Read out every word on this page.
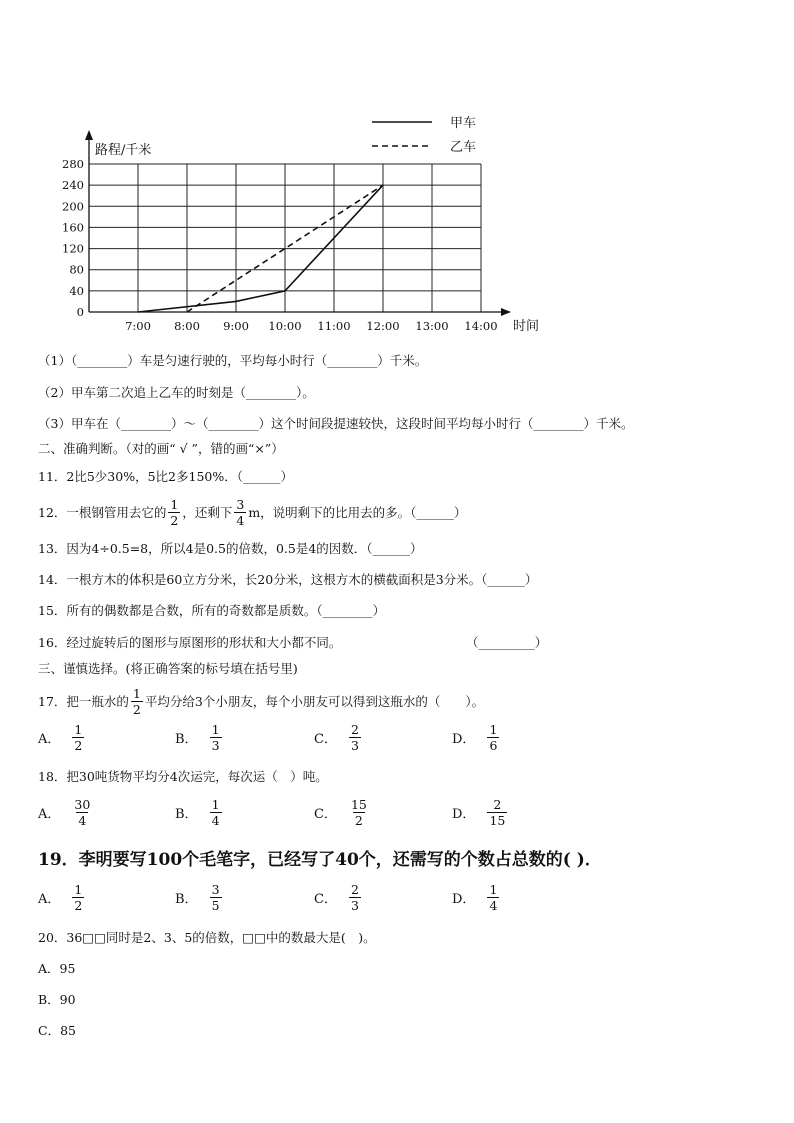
路程/千米
时间
0
40
80
120
160
200
240
280
7:00 8:00 9:00 10:00 11:00 12:00 13:00 14:00
甲车
乙车
（1）（________）车是匀速行驶的，平均每小时行（________）千米。
（2）甲车第二次追上乙车的时刻是（________）。
（3）甲车在（________）～（________）这个时间段提速较快，这段时间平均每小时行（________）千米。
二、准确判断。（对的画“ √ ”，错的画“×”）
11．2比5少30%，5比2多150%．（______）
12．一根钢管用去它的 $\frac{1}{2}$ ，还剩下 $\frac{3}{4}$ m，说明剩下的比用去的多。（______）
13．因为4÷0.5=8，所以4是0.5的倍数，0.5是4的因数．（______）
14．一根方木的体积是60立方分米，长20分米，这根方木的横截面积是3分米。（______）
15．所有的偶数都是合数，所有的奇数都是质数。（________）
16．经过旋转后的图形与原图形的形状和大小都不同。	（_________）
三、谨慎选择。(将正确答案的标号填在括号里)
17．把一瓶水的 $\frac{1}{2}$ 平均分给3个小朋友，每个小朋友可以得到这瓶水的（　　）。
A． $\frac{1}{2}$	B． $\frac{1}{3}$	C． $\frac{2}{3}$	D． $\frac{1}{6}$
18．把30吨货物平均分4次运完，每次运（　）吨。
A． $\frac{30}{4}$	B． $\frac{1}{4}$	C． $\frac{15}{2}$	D． $\frac{2}{15}$
19．李明要写100个毛笔字，已经写了40个，还需写的个数占总数的( )．
A． $\frac{1}{2}$	B． $\frac{3}{5}$	C． $\frac{2}{3}$	D． $\frac{1}{4}$
20．36□□同时是2、3、5的倍数，□□中的数最大是(　)。
A．95
B．90
C．85
